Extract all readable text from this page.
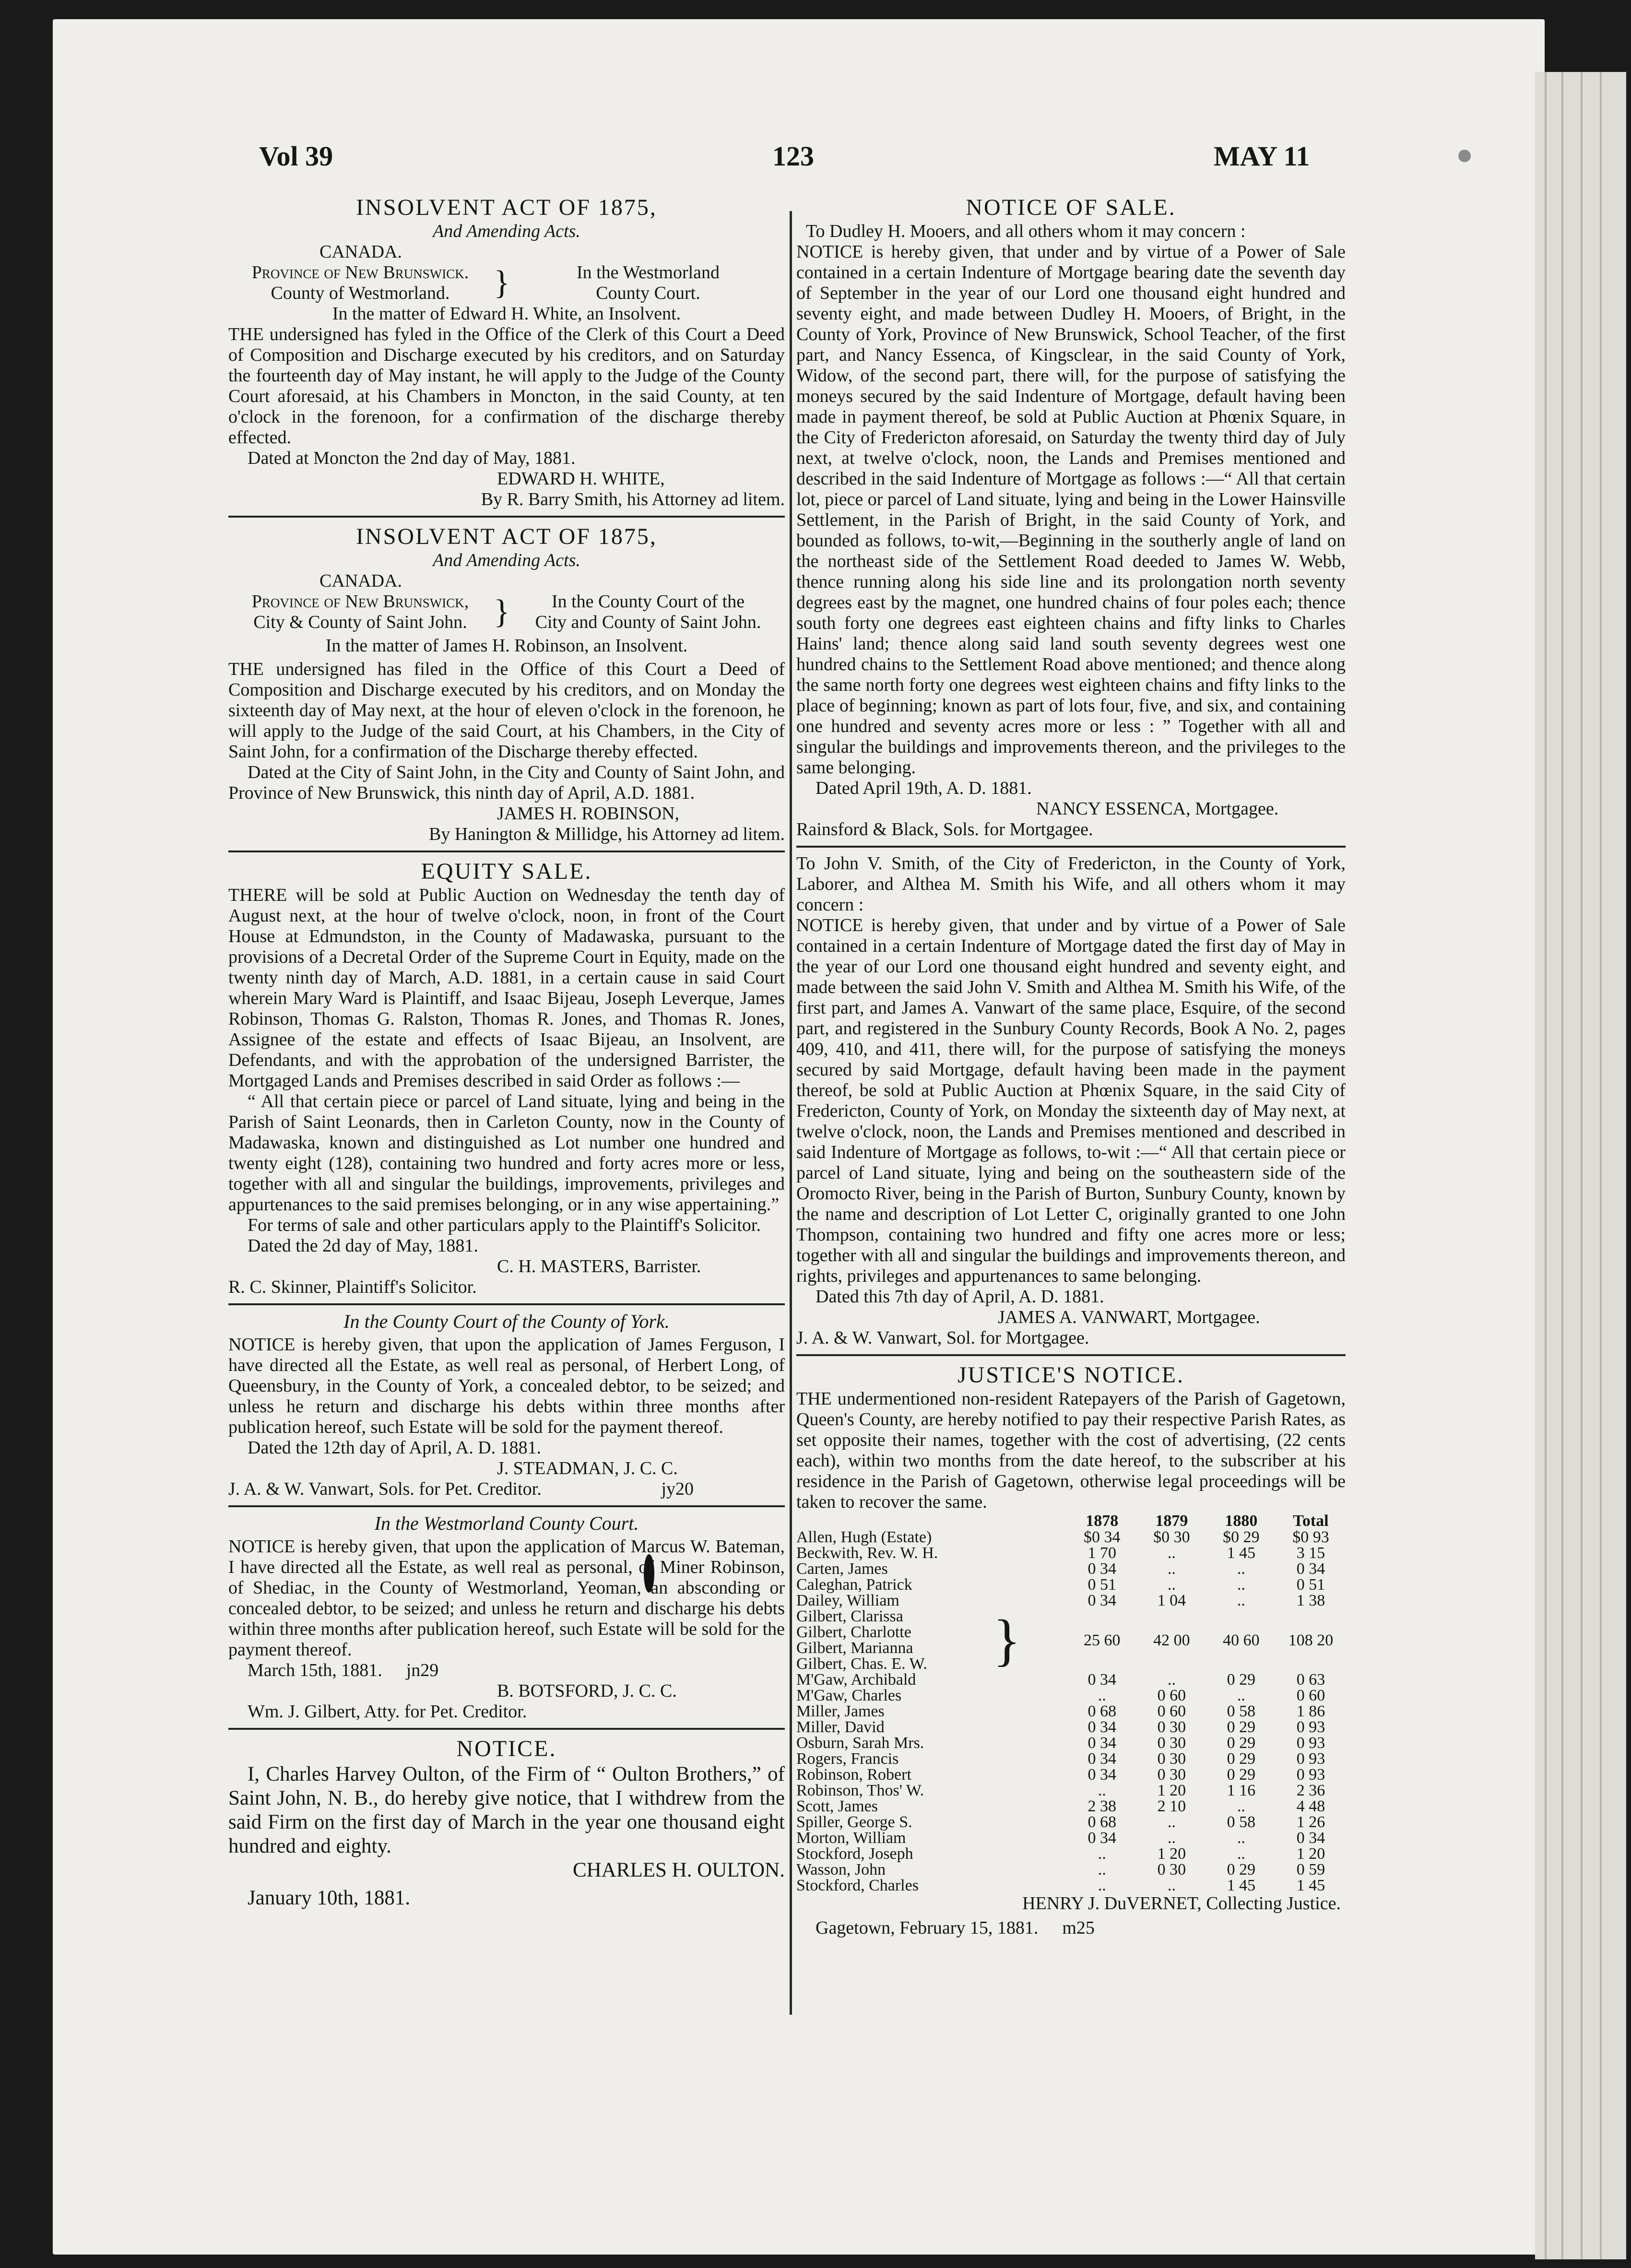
Vol 39	123	MAY 11
INSOLVENT ACT OF 1875,
And Amending Acts.
CANADA.
Province of New Brunswick.
County of Westmorland.	}	In the Westmorland
County Court.
In the matter of Edward H. White, an Insolvent.

THE undersigned has fyled in the Office of the Clerk of this Court a Deed of Composition and Discharge executed by his creditors, and on Saturday the fourteenth day of May instant, he will apply to the Judge of the County Court aforesaid, at his Chambers in Moncton, in the said County, at ten o'clock in the forenoon, for a confirmation of the discharge thereby effected.

Dated at Moncton the 2nd day of May, 1881.

EDWARD H. WHITE,
By R. Barry Smith, his Attorney ad litem.
INSOLVENT ACT OF 1875,
And Amending Acts.
CANADA.
Province of New Brunswick,
City & County of Saint John. }	In the County Court of the
City and County of Saint John.
In the matter of James H. Robinson, an Insolvent.

THE undersigned has filed in the Office of this Court a Deed of Composition and Discharge executed by his creditors, and on Monday the sixteenth day of May next, at the hour of eleven o'clock in the forenoon, he will apply to the Judge of the said Court, at his Chambers, in the City of Saint John, for a confirmation of the Discharge thereby effected.

Dated at the City of Saint John, in the City and County of Saint John, and Province of New Brunswick, this ninth day of April, A.D. 1881.

JAMES H. ROBINSON,
By Hanington & Millidge, his Attorney ad litem.
EQUITY SALE.

THERE will be sold at Public Auction on Wednesday the tenth day of August next, at the hour of twelve o'clock, noon, in front of the Court House at Edmundston, in the County of Madawaska, pursuant to the provisions of a Decretal Order of the Supreme Court in Equity, made on the twenty ninth day of March, A.D. 1881, in a certain cause in said Court wherein Mary Ward is Plaintiff, and Isaac Bijeau, Joseph Leverque, James Robinson, Thomas G. Ralston, Thomas R. Jones, and Thomas R. Jones, Assignee of the estate and effects of Isaac Bijeau, an Insolvent, are Defendants, and with the approbation of the undersigned Barrister, the Mortgaged Lands and Premises described in said Order as follows :—

“ All that certain piece or parcel of Land situate, lying and being in the Parish of Saint Leonards, then in Carleton County, now in the County of Madawaska, known and distinguished as Lot number one hundred and twenty eight (128), containing two hundred and forty acres more or less, together with all and singular the buildings, improvements, privileges and appurtenances to the said premises belonging, or in any wise appertaining.”

For terms of sale and other particulars apply to the Plaintiff's Solicitor.

Dated the 2d day of May, 1881.

C. H. MASTERS, Barrister.
R. C. Skinner, Plaintiff's Solicitor.
In the County Court of the County of York.

NOTICE is hereby given, that upon the application of James Ferguson, I have directed all the Estate, as well real as personal, of Herbert Long, of Queensbury, in the County of York, a concealed debtor, to be seized; and unless he return and discharge his debts within three months after publication hereof, such Estate will be sold for the payment thereof.

Dated the 12th day of April, A. D. 1881.

J. STEADMAN, J. C. C.
J. A. & W. Vanwart, Sols. for Pet. Creditor.	jy20
In the Westmorland County Court.

NOTICE is hereby given, that upon the application of Marcus W. Bateman, I have directed all the Estate, as well real as personal, of Miner Robinson, of Shediac, in the County of Westmorland, Yeoman, an absconding or concealed debtor, to be seized; and unless he return and discharge his debts within three months after publication hereof, such Estate will be sold for the payment thereof.

March 15th, 1881. jn29
B. BOTSFORD, J. C. C.
Wm. J. Gilbert, Atty. for Pet. Creditor.
NOTICE.

I, Charles Harvey Oulton, of the Firm of “ Oulton Brothers,” of Saint John, N. B., do hereby give notice, that I withdrew from the said Firm on the first day of March in the year one thousand eight hundred and eighty.

CHARLES H. OULTON.
January 10th, 1881.
NOTICE OF SALE.
To Dudley H. Mooers, and all others whom it may concern :

NOTICE is hereby given, that under and by virtue of a Power of Sale contained in a certain Indenture of Mortgage bearing date the seventh day of September in the year of our Lord one thousand eight hundred and seventy eight, and made between Dudley H. Mooers, of Bright, in the County of York, Province of New Brunswick, School Teacher, of the first part, and Nancy Essenca, of Kingsclear, in the said County of York, Widow, of the second part, there will, for the purpose of satisfying the moneys secured by the said Indenture of Mortgage, default having been made in payment thereof, be sold at Public Auction at Phœnix Square, in the City of Fredericton aforesaid, on Saturday the twenty third day of July next, at twelve o'clock, noon, the Lands and Premises mentioned and described in the said Indenture of Mortgage as follows :—“ All that certain lot, piece or parcel of Land situate, lying and being in the Lower Hainsville Settlement, in the Parish of Bright, in the said County of York, and bounded as follows, to-wit,—Beginning in the southerly angle of land on the northeast side of the Settlement Road deeded to James W. Webb, thence running along his side line and its prolongation north seventy degrees east by the magnet, one hundred chains of four poles each; thence south forty one degrees east eighteen chains and fifty links to Charles Hains' land; thence along said land south seventy degrees west one hundred chains to the Settlement Road above mentioned; and thence along the same north forty one degrees west eighteen chains and fifty links to the place of beginning; known as part of lots four, five, and six, and containing one hundred and seventy acres more or less : ” Together with all and singular the buildings and improvements thereon, and the privileges to the same belonging.

Dated April 19th, A. D. 1881.

NANCY ESSENCA, Mortgagee.
Rainsford & Black, Sols. for Mortgagee.

To John V. Smith, of the City of Fredericton, in the County of York, Laborer, and Althea M. Smith his Wife, and all others whom it may concern :

NOTICE is hereby given, that under and by virtue of a Power of Sale contained in a certain Indenture of Mortgage dated the first day of May in the year of our Lord one thousand eight hundred and seventy eight, and made between the said John V. Smith and Althea M. Smith his Wife, of the first part, and James A. Vanwart of the same place, Esquire, of the second part, and registered in the Sunbury County Records, Book A No. 2, pages 409, 410, and 411, there will, for the purpose of satisfying the moneys secured by said Mortgage, default having been made in the payment thereof, be sold at Public Auction at Phœnix Square, in the said City of Fredericton, County of York, on Monday the sixteenth day of May next, at twelve o'clock, noon, the Lands and Premises mentioned and described in said Indenture of Mortgage as follows, to-wit :—“ All that certain piece or parcel of Land situate, lying and being on the southeastern side of the Oromocto River, being in the Parish of Burton, Sunbury County, known by the name and description of Lot Letter C, originally granted to one John Thompson, containing two hundred and fifty one acres more or less; together with all and singular the buildings and improvements thereon, and rights, privileges and appurtenances to same belonging.

Dated this 7th day of April, A. D. 1881.

JAMES A. VANWART, Mortgagee.
J. A. & W. Vanwart, Sol. for Mortgagee.
JUSTICE'S NOTICE.

THE undermentioned non-resident Ratepayers of the Parish of Gagetown, Queen's County, are hereby notified to pay their respective Parish Rates, as set opposite their names, together with the cost of advertising, (22 cents each), within two months from the date hereof, to the subscriber at his residence in the Parish of Gagetown, otherwise legal proceedings will be taken to recover the same.

	1878	1879	1880	Total
Allen, Hugh (Estate)	$0 34	$0 30	$0 29	$0 93
Beckwith, Rev. W. H.	1 70	..	1 45	3 15
Carten, James	0 34	..	..	0 34
Caleghan, Patrick	0 51	..	..	0 51
Dailey, William	0 34	1 04	..	1 38

Gilbert, Clarissa
Gilbert, Charlotte
Gilbert, Marianna
Gilbert, Chas. E. W. }	25 60	42 00	40 60	108 20
M'Gaw, Archibald	0 34	..	0 29	0 63
M'Gaw, Charles	..	0 60	..	0 60
Miller, James	0 68	0 60	0 58	1 86
Miller, David	0 34	0 30	0 29	0 93
Osburn, Sarah Mrs.	0 34	0 30	0 29	0 93
Rogers, Francis	0 34	0 30	0 29	0 93
Robinson, Robert	0 34	0 30	0 29	0 93
Robinson, Thos' W.	..	1 20	1 16	2 36
Scott, James	2 38	2 10	..	4 48
Spiller, George S.	0 68	..	0 58	1 26
Morton, William	0 34	..	..	0 34
Stockford, Joseph	..	1 20	..	1 20
Wasson, John	..	0 30	0 29	0 59
Stockford, Charles	..	..	1 45	1 45
HENRY J. DuVERNET, Collecting Justice.
Gagetown, February 15, 1881. m25
